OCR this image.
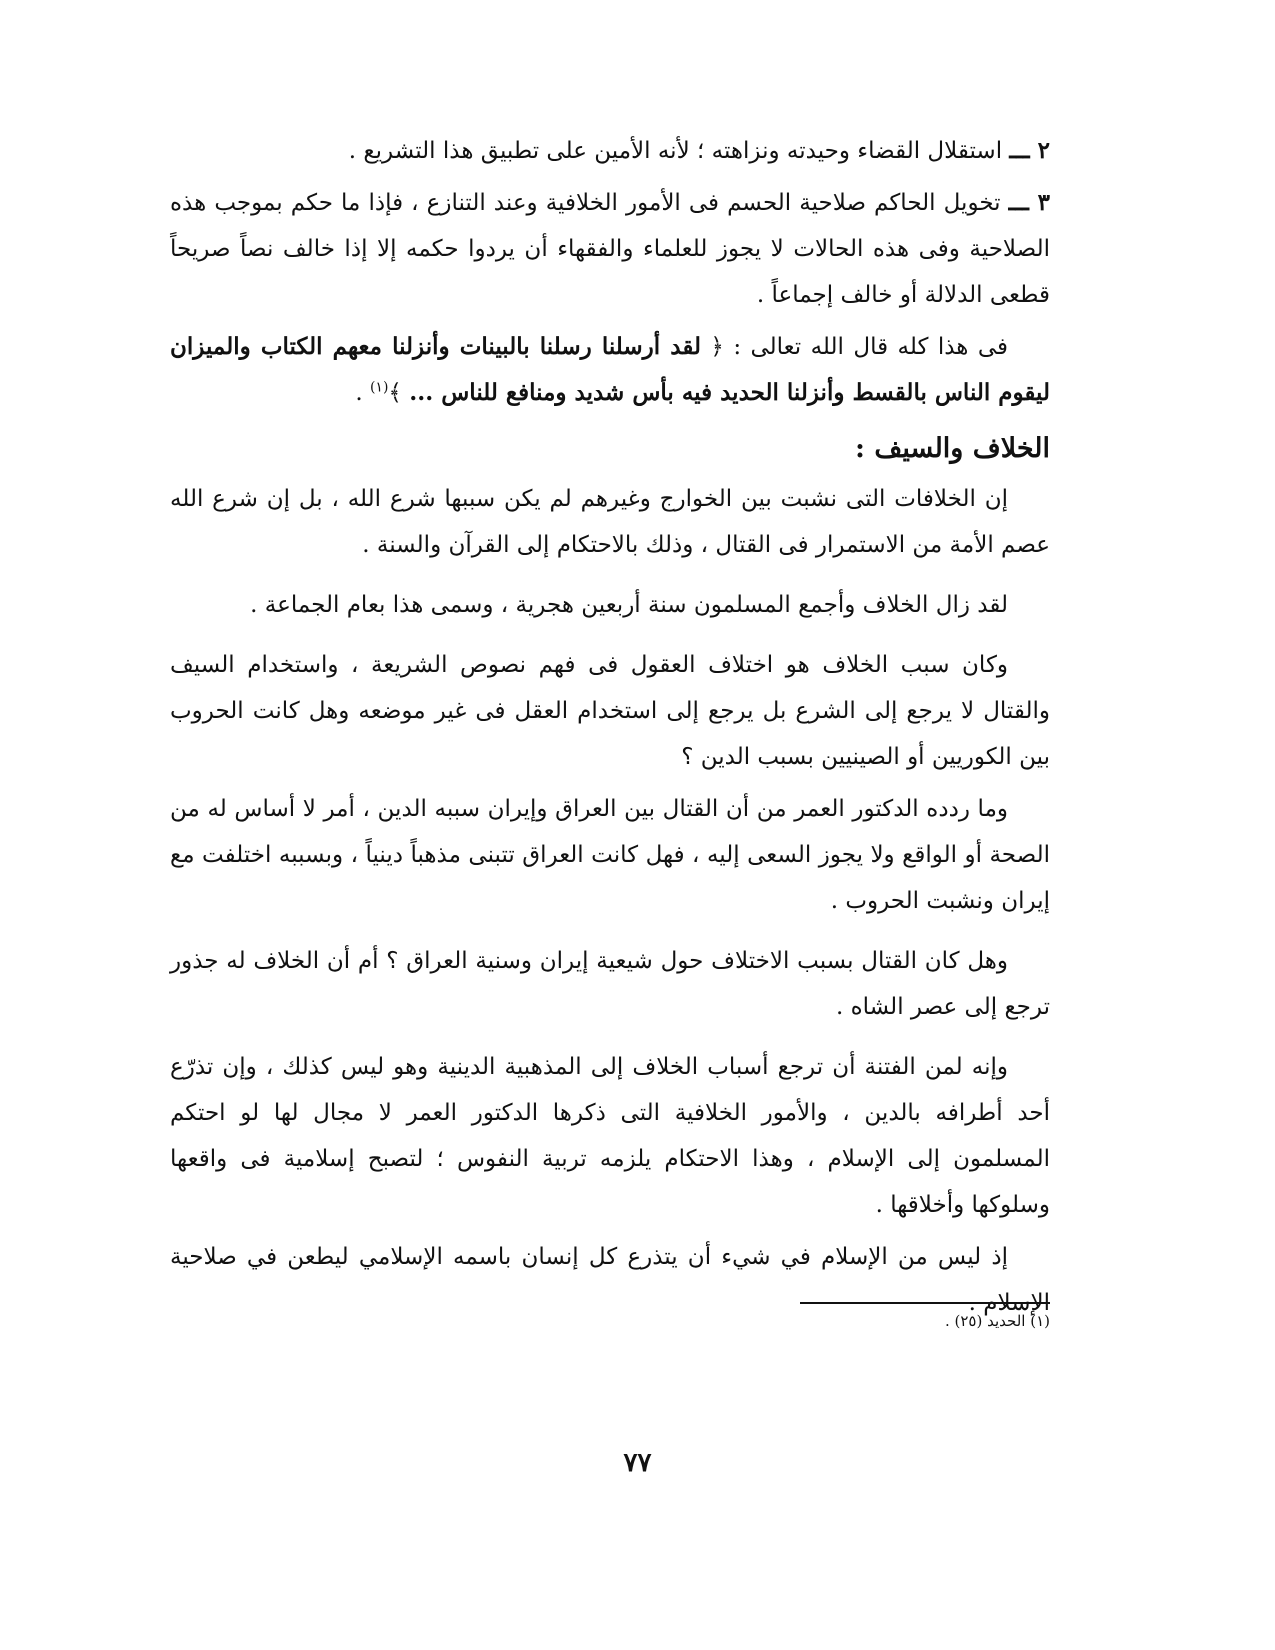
٢ ـــ استقلال القضاء وحيدته ونزاهته ؛ لأنه الأمين على تطبيق هذا التشريع .

٣ ـــ تخويل الحاكم صلاحية الحسم فى الأمور الخلافية وعند التنازع ، فإذا ما حكم بموجب هذه الصلاحية وفى هذه الحالات لا يجوز للعلماء والفقهاء أن يردوا حكمه إلا إذا خالف نصاً صريحاً قطعى الدلالة أو خالف إجماعاً .

فى هذا كله قال الله تعالى : ﴿ لقد أرسلنا رسلنا بالبينات وأنزلنا معهم الكتاب والميزان ليقوم الناس بالقسط وأنزلنا الحديد فيه بأس شديد ومنافع للناس ... ﴾$^{(١)}$ .

الخلاف والسيف :

إن الخلافات التى نشبت بين الخوارج وغيرهم لم يكن سببها شرع الله ، بل إن شرع الله عصم الأمة من الاستمرار فى القتال ، وذلك بالاحتكام إلى القرآن والسنة .

لقد زال الخلاف وأجمع المسلمون سنة أربعين هجرية ، وسمى هذا بعام الجماعة .

وكان سبب الخلاف هو اختلاف العقول فى فهم نصوص الشريعة ، واستخدام السيف والقتال لا يرجع إلى الشرع بل يرجع إلى استخدام العقل فى غير موضعه وهل كانت الحروب بين الكوريين أو الصينيين بسبب الدين ؟

وما ردده الدكتور العمر من أن القتال بين العراق وإيران سببه الدين ، أمر لا أساس له من الصحة أو الواقع ولا يجوز السعى إليه ، فهل كانت العراق تتبنى مذهباً دينياً ، وبسببه اختلفت مع إيران ونشبت الحروب .

وهل كان القتال بسبب الاختلاف حول شيعية إيران وسنية العراق ؟ أم أن الخلاف له جذور ترجع إلى عصر الشاه .

وإنه لمن الفتنة أن ترجع أسباب الخلاف إلى المذهبية الدينية وهو ليس كذلك ، وإن تذرّع أحد أطرافه بالدين ، والأمور الخلافية التى ذكرها الدكتور العمر لا مجال لها لو احتكم المسلمون إلى الإسلام ، وهذا الاحتكام يلزمه تربية النفوس ؛ لتصبح إسلامية فى واقعها وسلوكها وأخلاقها .

إذ ليس من الإسلام في شيء أن يتذرع كل إنسان باسمه الإسلامي ليطعن في صلاحية الإسلام .

(١) الحديد (٢٥) .
٧٧
